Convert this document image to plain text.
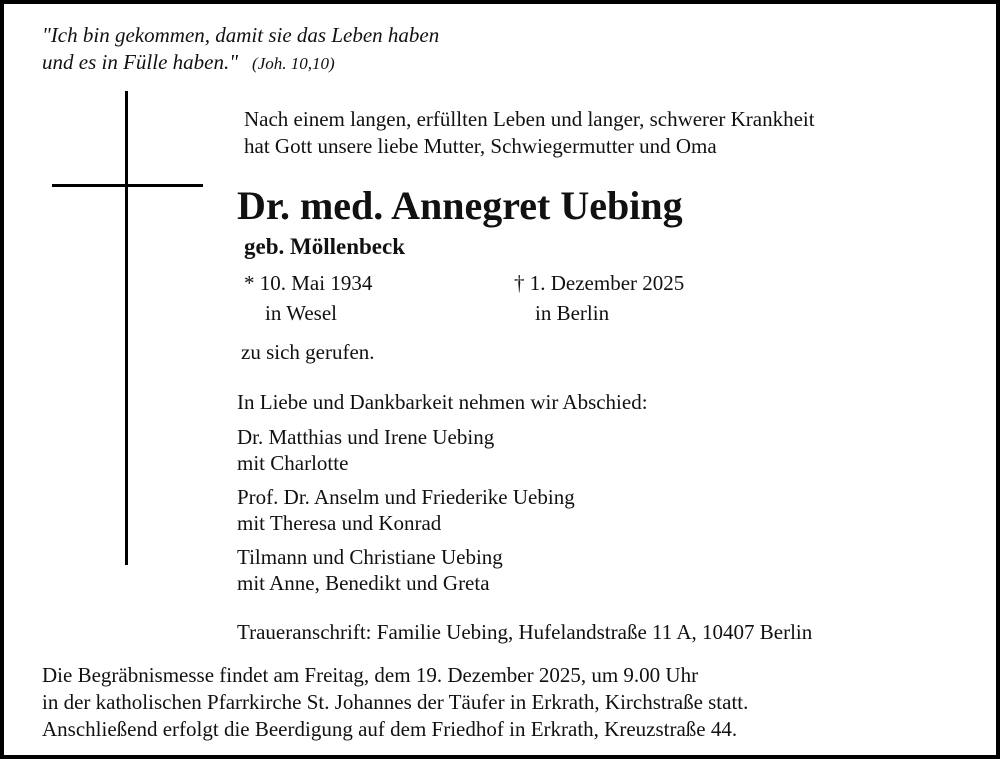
"Ich bin gekommen, damit sie das Leben haben
und es in Fülle haben." (Joh. 10,10)
Nach einem langen, erfüllten Leben und langer, schwerer Krankheit
hat Gott unsere liebe Mutter, Schwiegermutter und Oma
Dr. med. Annegret Uebing
geb. Möllenbeck
* 10. Mai 1934
in Wesel
† 1. Dezember 2025
in Berlin
zu sich gerufen.
In Liebe und Dankbarkeit nehmen wir Abschied:
Dr. Matthias und Irene Uebing
mit Charlotte
Prof. Dr. Anselm und Friederike Uebing
mit Theresa und Konrad
Tilmann und Christiane Uebing
mit Anne, Benedikt und Greta
Traueranschrift: Familie Uebing, Hufelandstraße 11 A, 10407 Berlin
Die Begräbnismesse findet am Freitag, dem 19. Dezember 2025, um 9.00 Uhr
in der katholischen Pfarrkirche St. Johannes der Täufer in Erkrath, Kirchstraße statt.
Anschließend erfolgt die Beerdigung auf dem Friedhof in Erkrath, Kreuzstraße 44.
